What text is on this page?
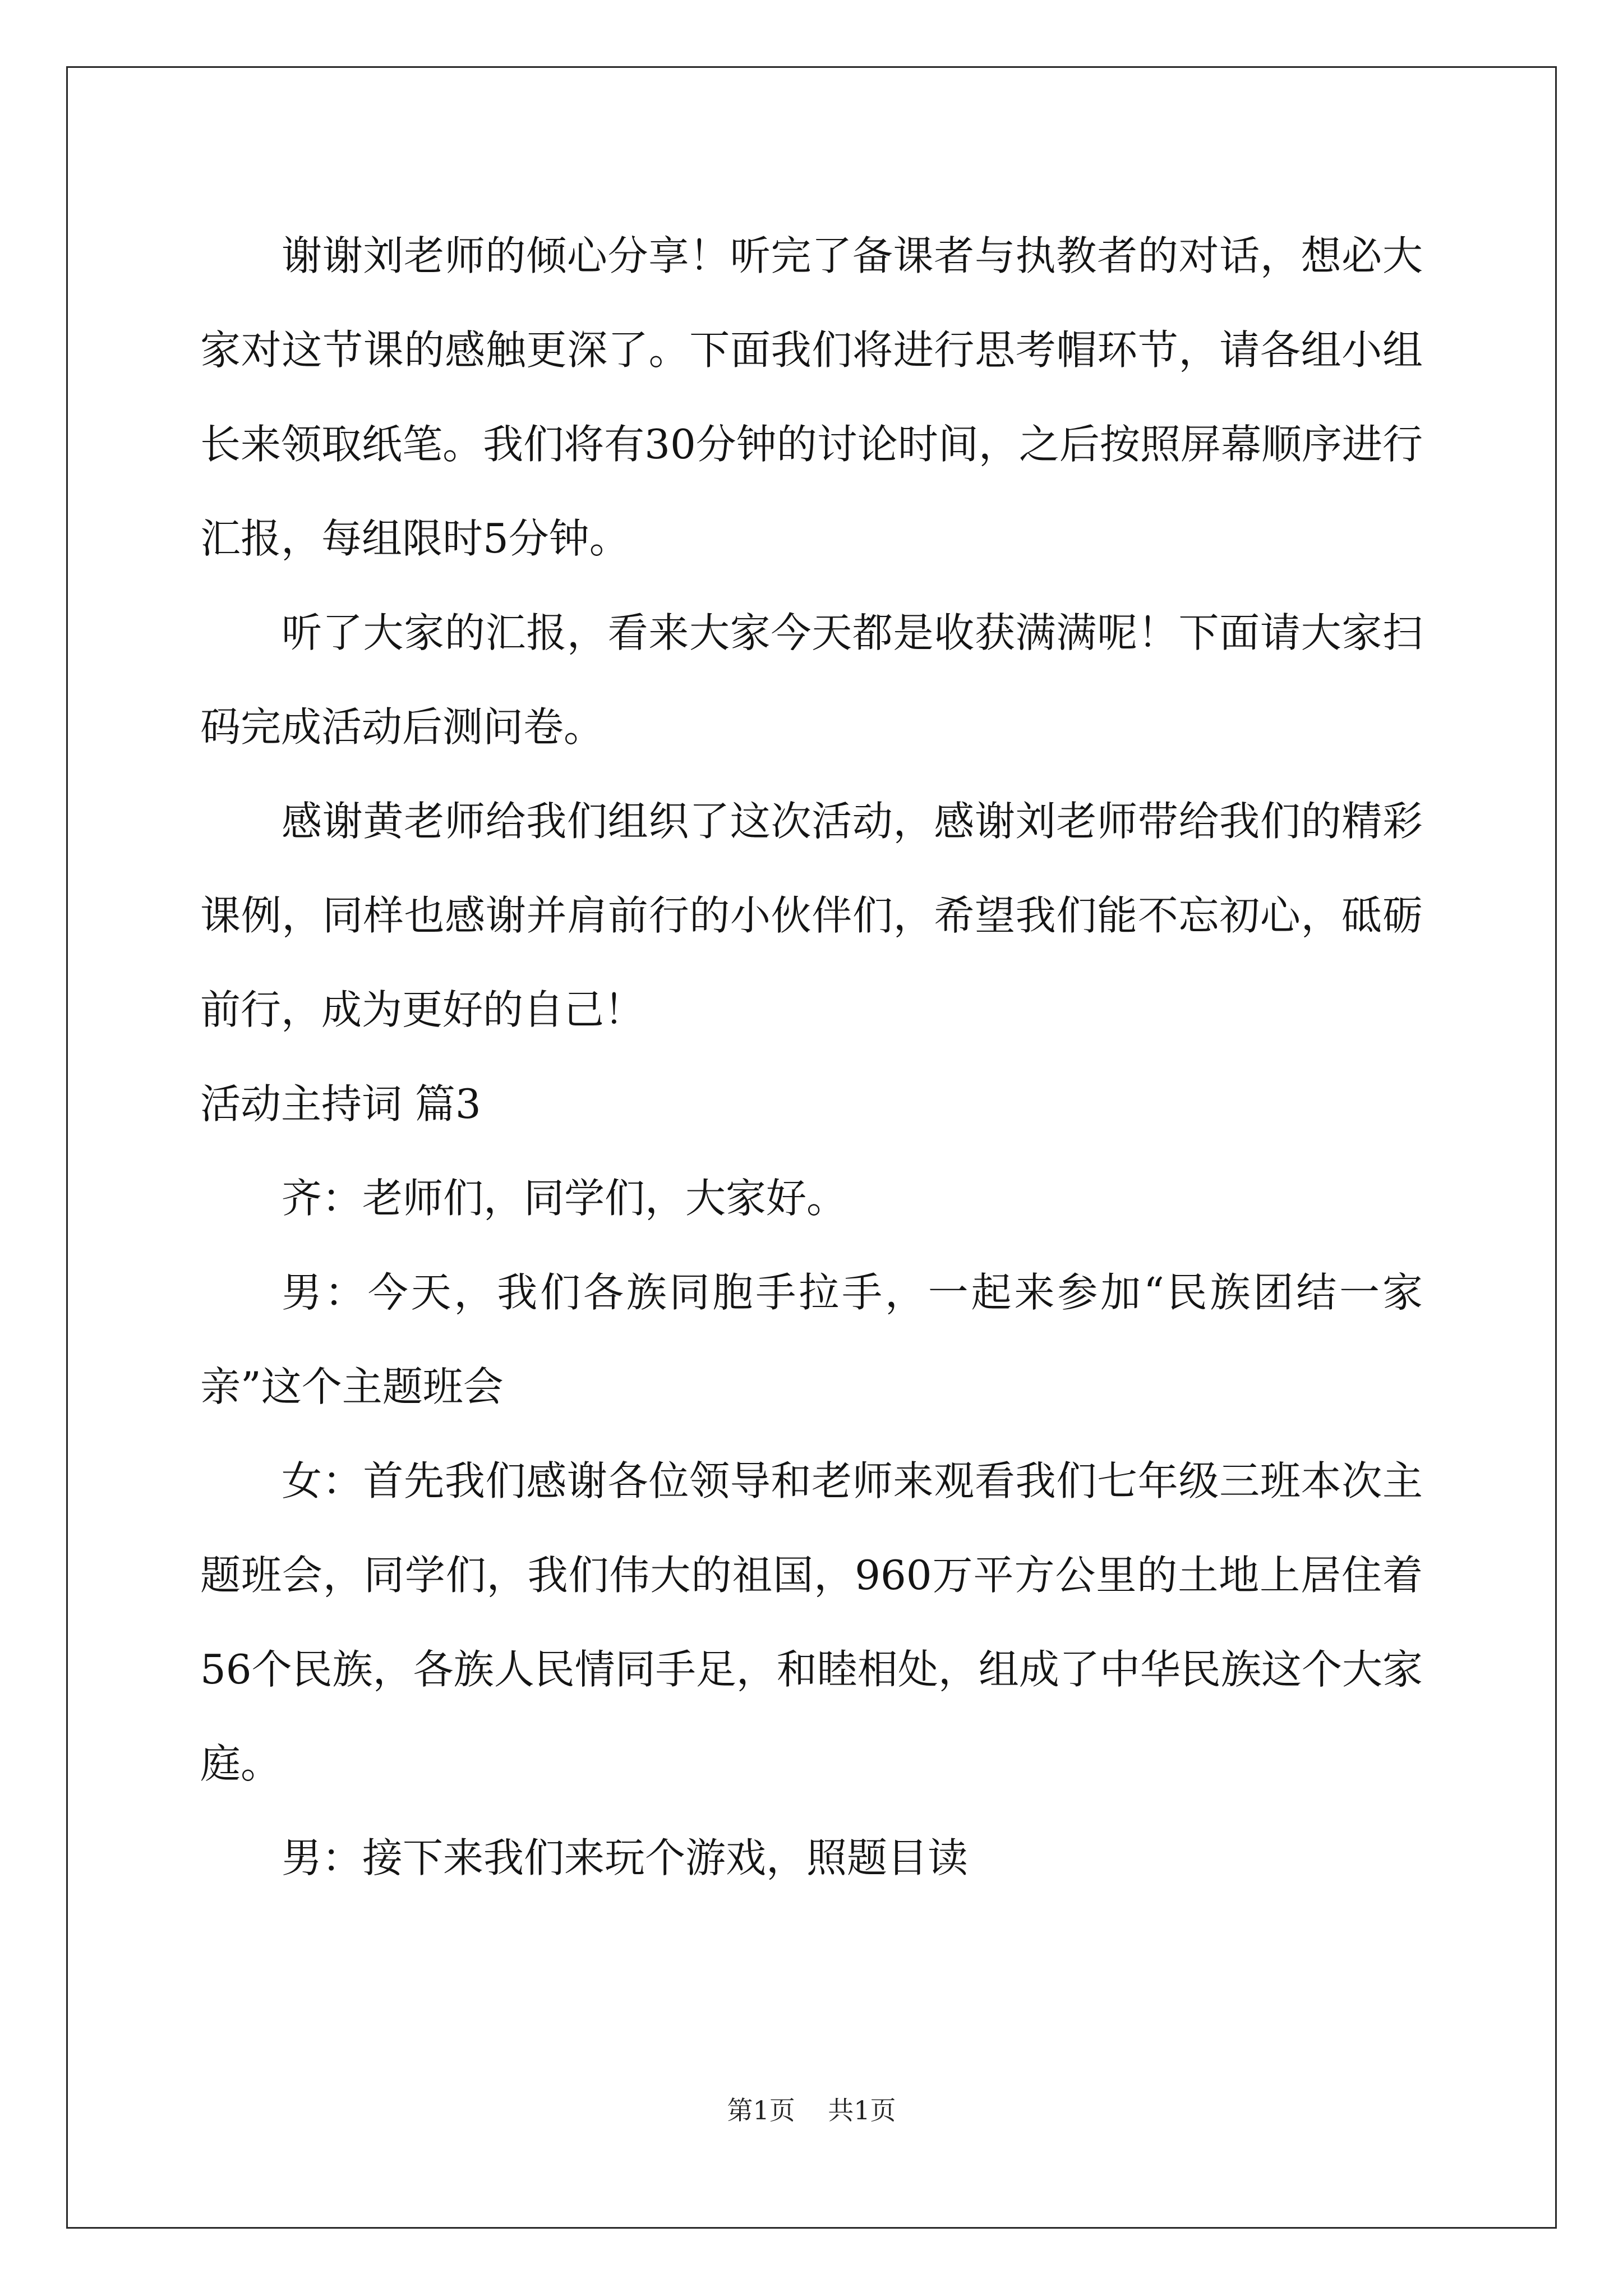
谢谢刘老师的倾心分享！听完了备课者与执教者的对话，想必大家对这节课的感触更深了。下面我们将进行思考帽环节，请各组小组长来领取纸笔。我们将有30分钟的讨论时间，之后按照屏幕顺序进行汇报，每组限时5分钟。

听了大家的汇报，看来大家今天都是收获满满呢！下面请大家扫码完成活动后测问卷。

感谢黄老师给我们组织了这次活动，感谢刘老师带给我们的精彩课例，同样也感谢并肩前行的小伙伴们，希望我们能不忘初心，砥砺前行，成为更好的自己！

活动主持词 篇3

齐：老师们，同学们，大家好。

男：今天，我们各族同胞手拉手，一起来参加“民族团结一家亲”这个主题班会

女：首先我们感谢各位领导和老师来观看我们七年级三班本次主题班会，同学们，我们伟大的祖国，960万平方公里的土地上居住着56个民族，各族人民情同手足，和睦相处，组成了中华民族这个大家庭。

男：接下来我们来玩个游戏，照题目读

第1页 共1页
